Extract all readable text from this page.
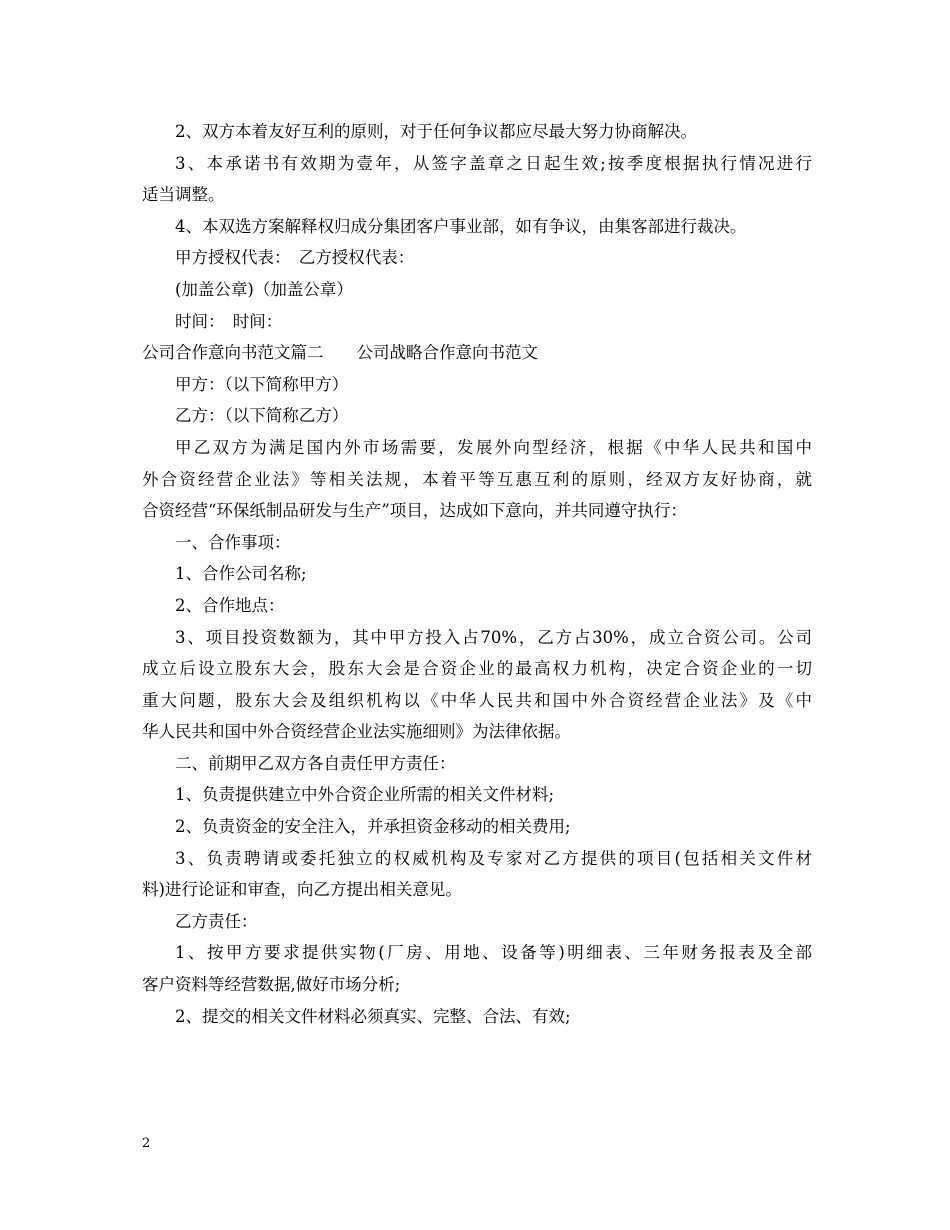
2、双方本着友好互利的原则，对于任何争议都应尽最大努力协商解决。
3、本承诺书有效期为壹年，从签字盖章之日起生效;按季度根据执行情况进行
适当调整。
4、本双选方案解释权归成分集团客户事业部，如有争议，由集客部进行裁决。
甲方授权代表：　乙方授权代表：
(加盖公章)（加盖公章）
时间：　时间：
公司合作意向书范文篇二　　公司战略合作意向书范文
甲方：（以下简称甲方）
乙方：（以下简称乙方）
甲乙双方为满足国内外市场需要，发展外向型经济，根据《中华人民共和国中
外合资经营企业法》等相关法规，本着平等互惠互利的原则，经双方友好协商，就
合资经营“环保纸制品研发与生产”项目，达成如下意向，并共同遵守执行：
一、合作事项：
1、合作公司名称;
2、合作地点：
3、项目投资数额为，其中甲方投入占70%，乙方占30%，成立合资公司。公司
成立后设立股东大会，股东大会是合资企业的最高权力机构，决定合资企业的一切
重大问题，股东大会及组织机构以《中华人民共和国中外合资经营企业法》及《中
华人民共和国中外合资经营企业法实施细则》为法律依据。
二、前期甲乙双方各自责任甲方责任：
1、负责提供建立中外合资企业所需的相关文件材料;
2、负责资金的安全注入，并承担资金移动的相关费用;
3、负责聘请或委托独立的权威机构及专家对乙方提供的项目(包括相关文件材
料)进行论证和审查，向乙方提出相关意见。
乙方责任：
1、按甲方要求提供实物(厂房、用地、设备等)明细表、三年财务报表及全部
客户资料等经营数据,做好市场分析;
2、提交的相关文件材料必须真实、完整、合法、有效;
2
